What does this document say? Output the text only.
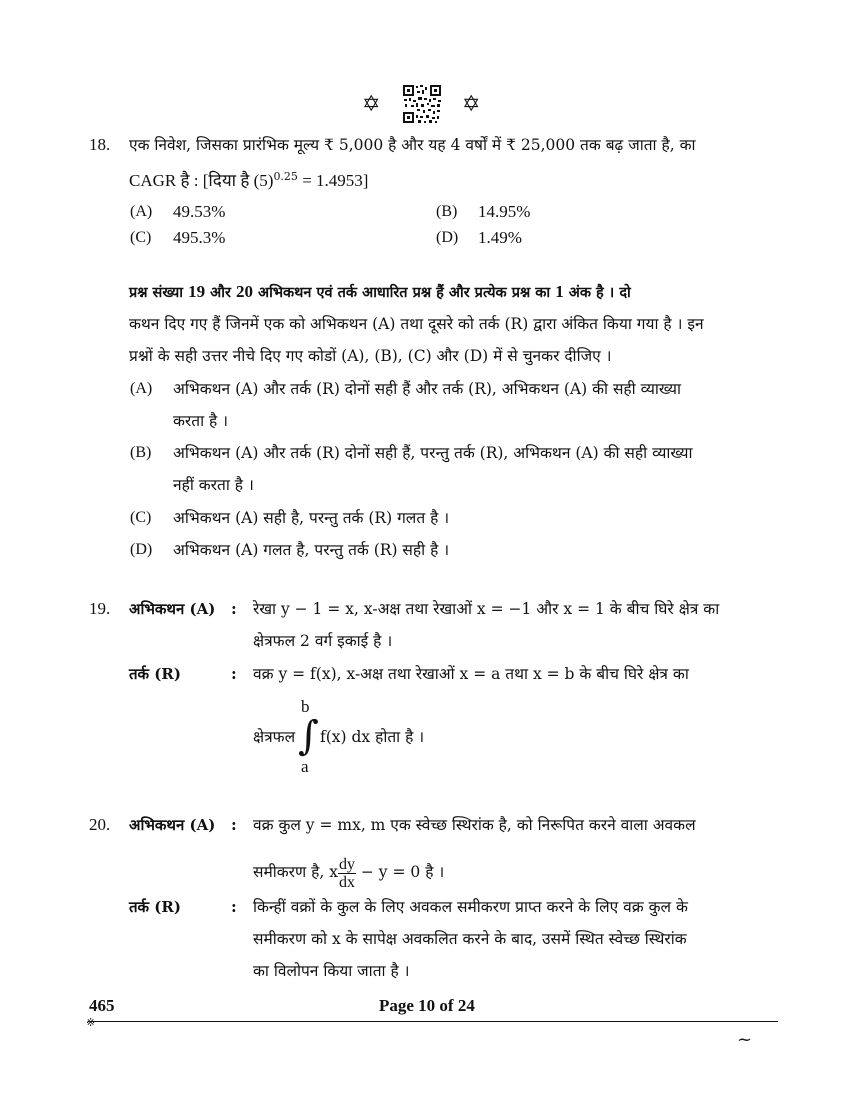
✡	✡
18. एक निवेश, जिसका प्रारंभिक मूल्य ₹ 5,000 है और यह 4 वर्षों में ₹ 25,000 तक बढ़ जाता है, का
CAGR है : [दिया है $(5)^{0.25} = 1.4953$]
(A) 49.53%	(B) 14.95%
(C) 495.3%	(D) 1.49%
प्रश्न संख्या 19 और 20 अभिकथन एवं तर्क आधारित प्रश्न हैं और प्रत्येक प्रश्न का 1 अंक है । दो
कथन दिए गए हैं जिनमें एक को अभिकथन (A) तथा दूसरे को तर्क (R) द्वारा अंकित किया गया है । इन
प्रश्नों के सही उत्तर नीचे दिए गए कोडों (A), (B), (C) और (D) में से चुनकर दीजिए ।
(A) अभिकथन (A) और तर्क (R) दोनों सही हैं और तर्क (R), अभिकथन (A) की सही व्याख्या
करता है ।
(B) अभिकथन (A) और तर्क (R) दोनों सही हैं, परन्तु तर्क (R), अभिकथन (A) की सही व्याख्या
नहीं करता है ।
(C) अभिकथन (A) सही है, परन्तु तर्क (R) गलत है ।
(D) अभिकथन (A) गलत है, परन्तु तर्क (R) सही है ।
19. अभिकथन (A) : रेखा y − 1 = x, x-अक्ष तथा रेखाओं x = −1 और x = 1 के बीच घिरे क्षेत्र का
क्षेत्रफल 2 वर्ग इकाई है ।
तर्क (R)	: वक्र y = f(x), x-अक्ष तथा रेखाओं x = a तथा x = b के बीच घिरे क्षेत्र का
b
क्षेत्रफल ∫ f(x) dx होता है ।
a
20. अभिकथन (A) : वक्र कुल y = mx, m एक स्वेच्छ स्थिरांक है, को निरूपित करने वाला अवकल
समीकरण है, x $\frac{dy}{dx} - y = 0$ है ।
तर्क (R)	: किन्हीं वक्रों के कुल के लिए अवकल समीकरण प्राप्त करने के लिए वक्र कुल के
समीकरण को x के सापेक्ष अवकलित करने के बाद, उसमें स्थित स्वेच्छ स्थिरांक
का विलोपन किया जाता है ।
465	Page 10 of 24
※
~
